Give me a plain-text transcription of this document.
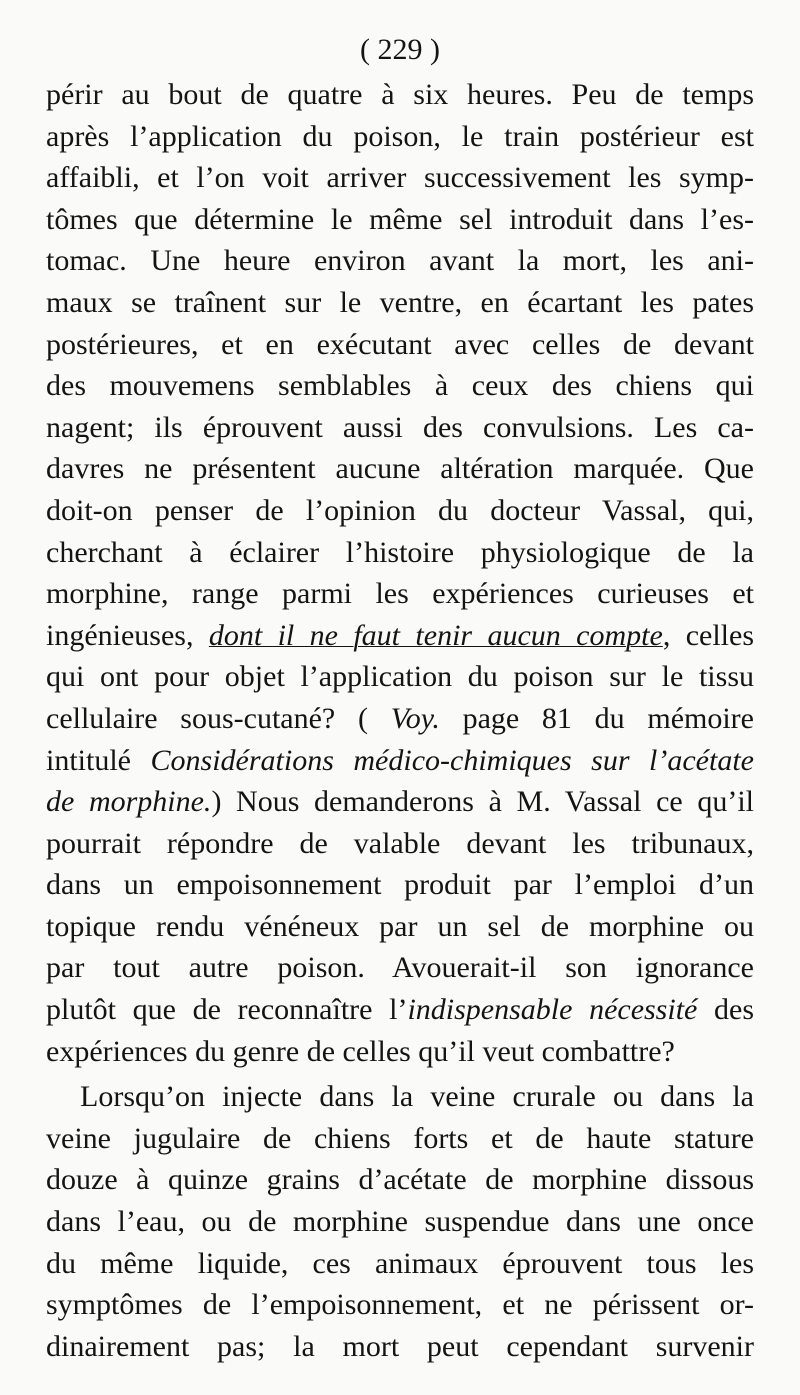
( 229 )
périr au bout de quatre à six heures. Peu de temps
après l’application du poison, le train postérieur est
affaibli, et l’on voit arriver successivement les symp-
tômes que détermine le même sel introduit dans l’es-
tomac. Une heure environ avant la mort, les ani-
maux se traînent sur le ventre, en écartant les pates
postérieures, et en exécutant avec celles de devant
des mouvemens semblables à ceux des chiens qui
nagent; ils éprouvent aussi des convulsions. Les ca-
davres ne présentent aucune altération marquée. Que
doit-on penser de l’opinion du docteur Vassal, qui,
cherchant à éclairer l’histoire physiologique de la
morphine, range parmi les expériences curieuses et
ingénieuses, dont il ne faut tenir aucun compte, celles
qui ont pour objet l’application du poison sur le tissu
cellulaire sous-cutané? ( Voy. page 81 du mémoire
intitulé Considérations médico-chimiques sur l’acétate
de morphine.) Nous demanderons à M. Vassal ce qu’il
pourrait répondre de valable devant les tribunaux,
dans un empoisonnement produit par l’emploi d’un
topique rendu vénéneux par un sel de morphine ou
par tout autre poison. Avouerait-il son ignorance
plutôt que de reconnaître l’indispensable nécessité des
expériences du genre de celles qu’il veut combattre?
Lorsqu’on injecte dans la veine crurale ou dans la
veine jugulaire de chiens forts et de haute stature
douze à quinze grains d’acétate de morphine dissous
dans l’eau, ou de morphine suspendue dans une once
du même liquide, ces animaux éprouvent tous les
symptômes de l’empoisonnement, et ne périssent or-
dinairement pas; la mort peut cependant survenir
